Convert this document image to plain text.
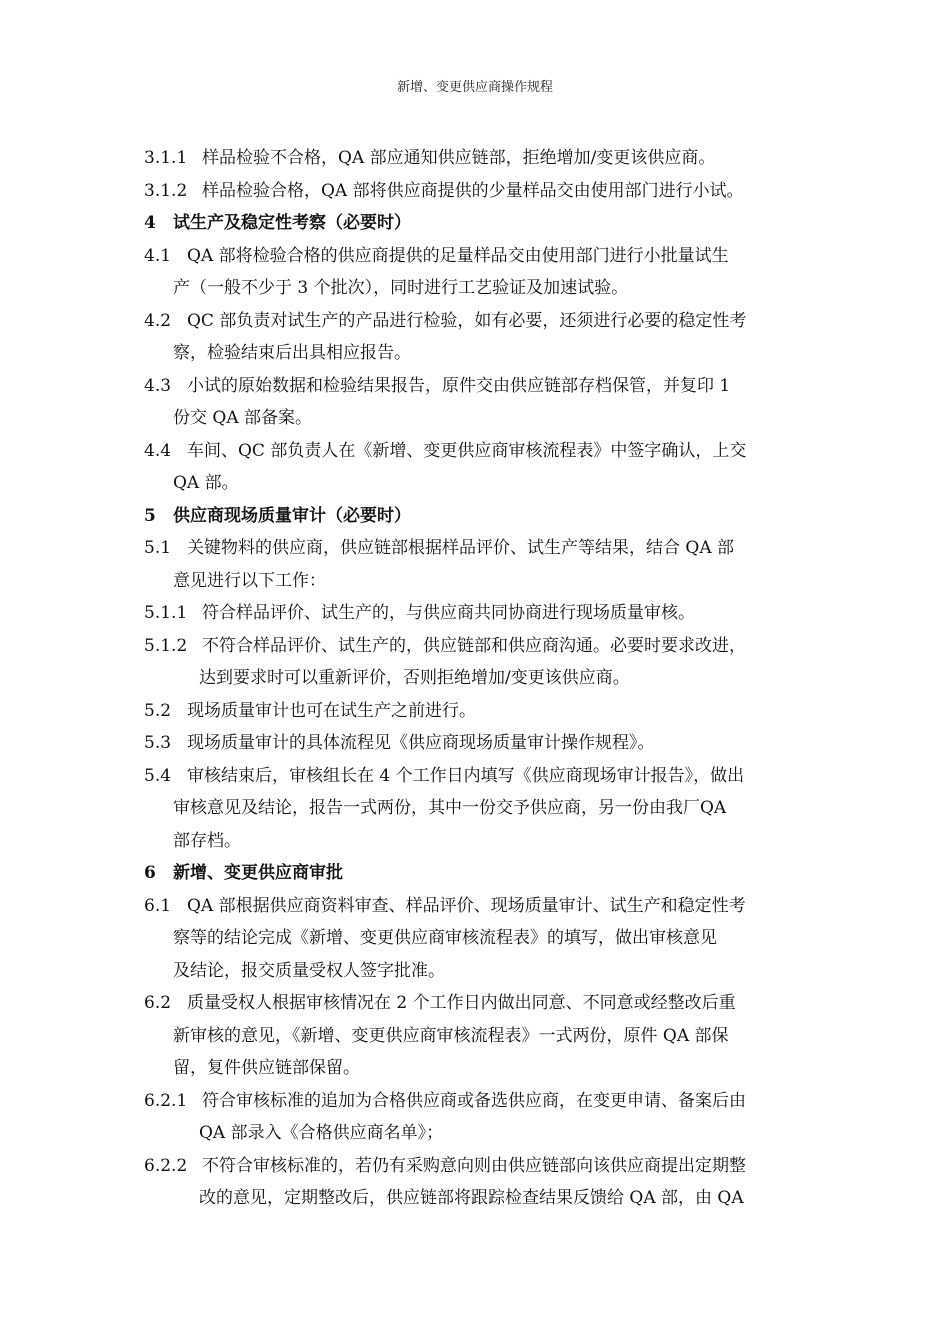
新增、变更供应商操作规程
3.1.1 样品检验不合格，QA 部应通知供应链部，拒绝增加/变更该供应商。
3.1.2 样品检验合格，QA 部将供应商提供的少量样品交由使用部门进行小试。
4 试生产及稳定性考察（必要时）
4.1 QA 部将检验合格的供应商提供的足量样品交由使用部门进行小批量试生
产（一般不少于 3 个批次），同时进行工艺验证及加速试验。
4.2 QC 部负责对试生产的产品进行检验，如有必要，还须进行必要的稳定性考
察，检验结束后出具相应报告。
4.3 小试的原始数据和检验结果报告，原件交由供应链部存档保管，并复印 1
份交 QA 部备案。
4.4 车间、QC 部负责人在《新增、变更供应商审核流程表》中签字确认，上交
QA 部。
5 供应商现场质量审计（必要时）
5.1 关键物料的供应商，供应链部根据样品评价、试生产等结果，结合 QA 部
意见进行以下工作：
5.1.1 符合样品评价、试生产的，与供应商共同协商进行现场质量审核。
5.1.2 不符合样品评价、试生产的，供应链部和供应商沟通。必要时要求改进，
达到要求时可以重新评价，否则拒绝增加/变更该供应商。
5.2 现场质量审计也可在试生产之前进行。
5.3 现场质量审计的具体流程见《供应商现场质量审计操作规程》。
5.4 审核结束后，审核组长在 4 个工作日内填写《供应商现场审计报告》，做出
审核意见及结论，报告一式两份，其中一份交予供应商，另一份由我厂QA
部存档。
6 新增、变更供应商审批
6.1 QA 部根据供应商资料审查、样品评价、现场质量审计、试生产和稳定性考
察等的结论完成《新增、变更供应商审核流程表》的填写，做出审核意见
及结论，报交质量受权人签字批准。
6.2 质量受权人根据审核情况在 2 个工作日内做出同意、不同意或经整改后重
新审核的意见，《新增、变更供应商审核流程表》一式两份，原件 QA 部保
留，复件供应链部保留。
6.2.1 符合审核标准的追加为合格供应商或备选供应商，在变更申请、备案后由
QA 部录入《合格供应商名单》；
6.2.2 不符合审核标准的，若仍有采购意向则由供应链部向该供应商提出定期整
改的意见，定期整改后，供应链部将跟踪检查结果反馈给 QA 部，由 QA
